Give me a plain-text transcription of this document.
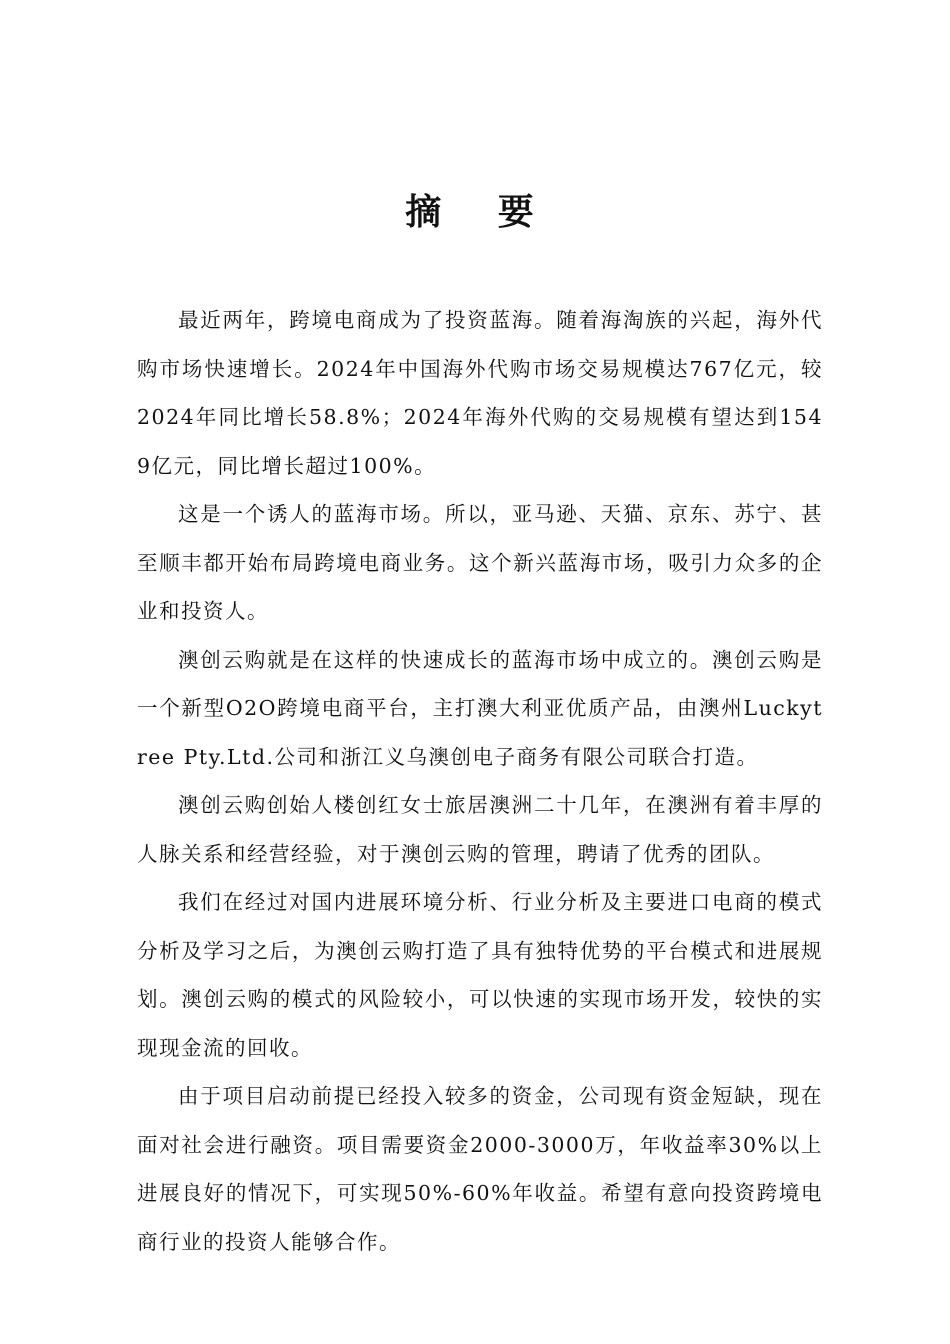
摘 要

最近两年，跨境电商成为了投资蓝海。随着海淘族的兴起，海外代购市场快速增长。2024年中国海外代购市场交易规模达767亿元，较2024年同比增长58.8%；2024年海外代购的交易规模有望达到1549亿元，同比增长超过100%。

这是一个诱人的蓝海市场。所以，亚马逊、天猫、京东、苏宁、甚至顺丰都开始布局跨境电商业务。这个新兴蓝海市场，吸引力众多的企业和投资人。

澳创云购就是在这样的快速成长的蓝海市场中成立的。澳创云购是一个新型O2O跨境电商平台，主打澳大利亚优质产品，由澳州Luckytree Pty.Ltd.公司和浙江义乌澳创电子商务有限公司联合打造。

澳创云购创始人楼创红女士旅居澳洲二十几年，在澳洲有着丰厚的人脉关系和经营经验，对于澳创云购的管理，聘请了优秀的团队。

我们在经过对国内进展环境分析、行业分析及主要进口电商的模式分析及学习之后，为澳创云购打造了具有独特优势的平台模式和进展规划。澳创云购的模式的风险较小，可以快速的实现市场开发，较快的实现现金流的回收。

由于项目启动前提已经投入较多的资金，公司现有资金短缺，现在面对社会进行融资。项目需要资金2000-3000万，年收益率30%以上进展良好的情况下，可实现50%-60%年收益。希望有意向投资跨境电商行业的投资人能够合作。
